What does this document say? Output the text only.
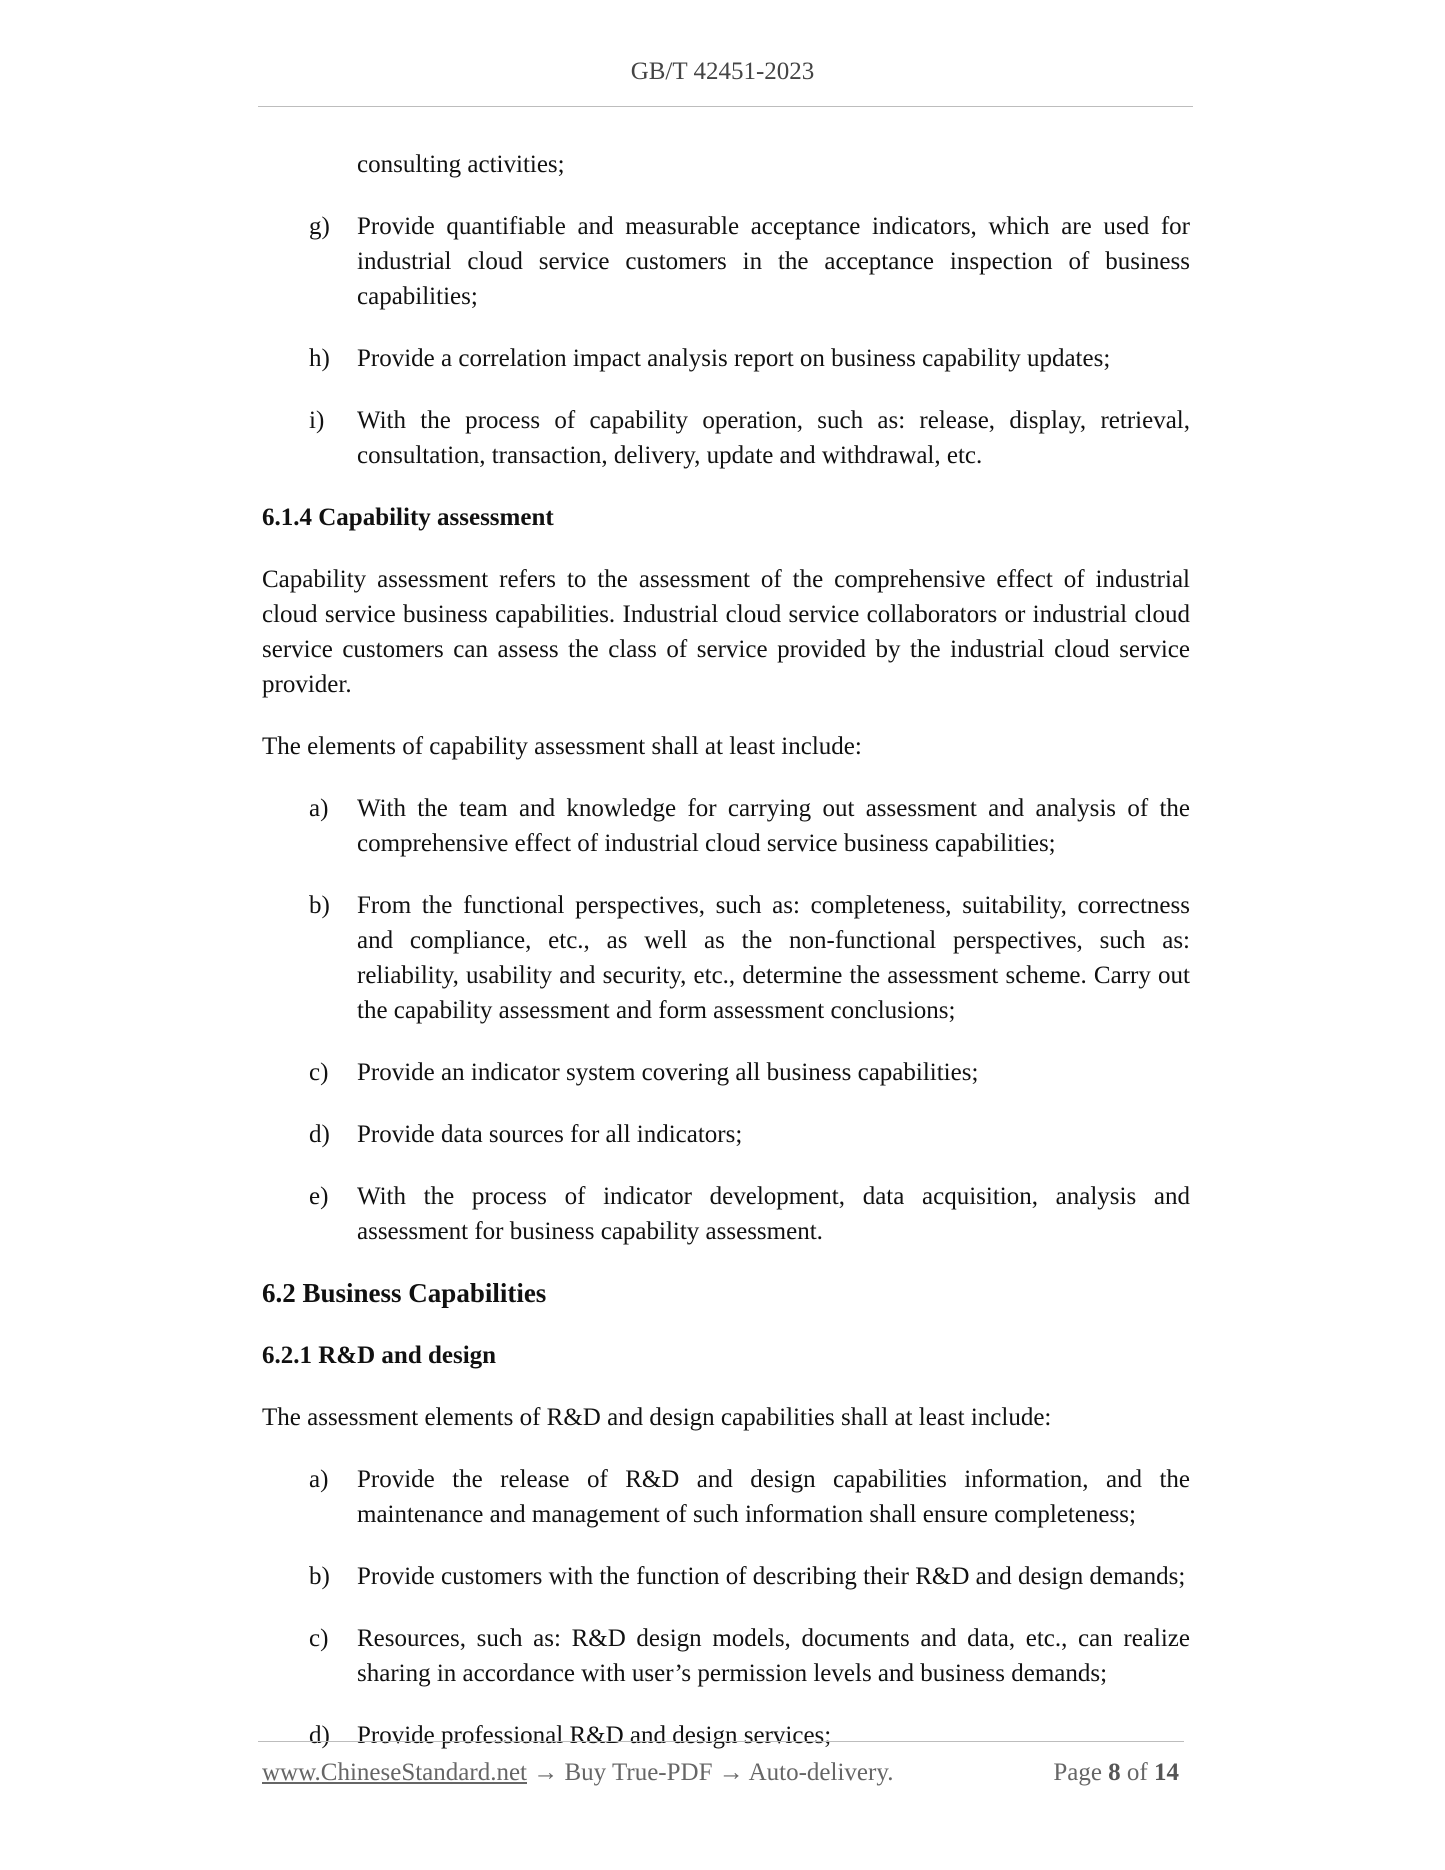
GB/T 42451-2023

consulting activities;

g)	Provide quantifiable and measurable acceptance indicators, which are used for industrial cloud service customers in the acceptance inspection of business capabilities;
h)	Provide a correlation impact analysis report on business capability updates;
i)	With the process of capability operation, such as: release, display, retrieval, consultation, transaction, delivery, update and withdrawal, etc.

6.1.4 Capability assessment

Capability assessment refers to the assessment of the comprehensive effect of industrial cloud service business capabilities. Industrial cloud service collaborators or industrial cloud service customers can assess the class of service provided by the industrial cloud service provider.

The elements of capability assessment shall at least include:

a)	With the team and knowledge for carrying out assessment and analysis of the comprehensive effect of industrial cloud service business capabilities;
b)	From the functional perspectives, such as: completeness, suitability, correctness and compliance, etc., as well as the non-functional perspectives, such as: reliability, usability and security, etc., determine the assessment scheme. Carry out the capability assessment and form assessment conclusions;
c)	Provide an indicator system covering all business capabilities;
d)	Provide data sources for all indicators;
e)	With the process of indicator development, data acquisition, analysis and assessment for business capability assessment.

6.2 Business Capabilities

6.2.1 R&D and design

The assessment elements of R&D and design capabilities shall at least include:

a)	Provide the release of R&D and design capabilities information, and the maintenance and management of such information shall ensure completeness;
b)	Provide customers with the function of describing their R&D and design demands;
c)	Resources, such as: R&D design models, documents and data, etc., can realize sharing in accordance with user’s permission levels and business demands;
d)	Provide professional R&D and design services;
www.ChineseStandard.net → Buy True-PDF → Auto-delivery.	Page 8 of 14
